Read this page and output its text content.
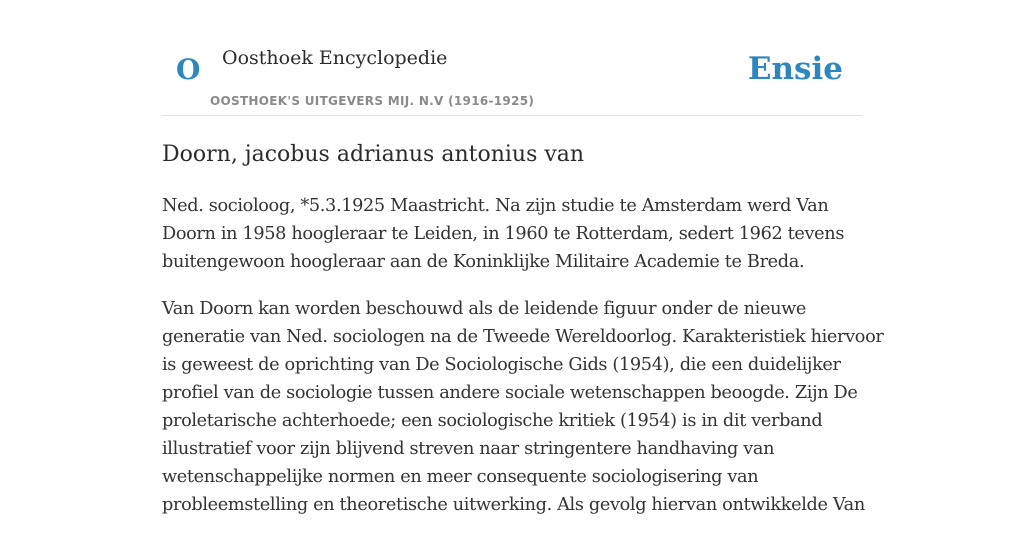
O Oosthoek Encyclopedie
OOSTHOEK'S UITGEVERS MIJ. N.V (1916-1925)
Ensie
Doorn, jacobus adrianus antonius van

Ned. socioloog, *5.3.1925 Maastricht. Na zijn studie te Amsterdam werd Van
Doorn in 1958 hoogleraar te Leiden, in 1960 te Rotterdam, sedert 1962 tevens
buitengewoon hoogleraar aan de Koninklijke Militaire Academie te Breda.

Van Doorn kan worden beschouwd als de leidende figuur onder de nieuwe
generatie van Ned. sociologen na de Tweede Wereldoorlog. Karakteristiek hiervoor
is geweest de oprichting van De Sociologische Gids (1954), die een duidelijker
profiel van de sociologie tussen andere sociale wetenschappen beoogde. Zijn De
proletarische achterhoede; een sociologische kritiek (1954) is in dit verband
illustratief voor zijn blijvend streven naar stringentere handhaving van
wetenschappelijke normen en meer consequente sociologisering van
probleemstelling en theoretische uitwerking. Als gevolg hiervan ontwikkelde Van
